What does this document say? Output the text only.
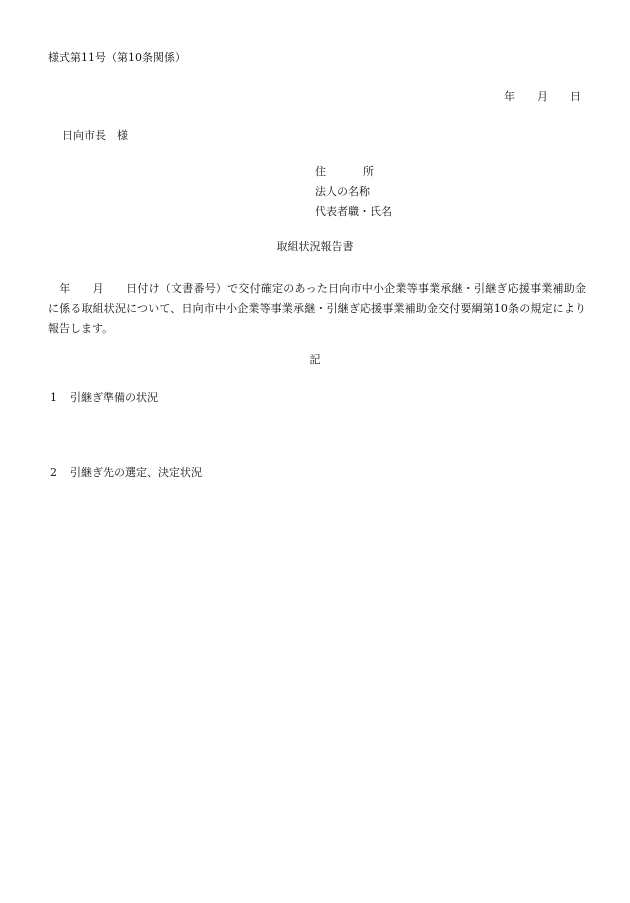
様式第11号（第10条関係）
年 月 日
日向市長 様
住	所
法人の名称
代表者職・氏名
取組状況報告書
年 月 日付け（文書番号）で交付確定のあった日向市中小企業等事業承継・引継ぎ応援事業補助金に係る取組状況について、日向市中小企業等事業承継・引継ぎ応援事業補助金交付要綱第10条の規定により報告します。
記
1 引継ぎ準備の状況
2 引継ぎ先の選定、決定状況
